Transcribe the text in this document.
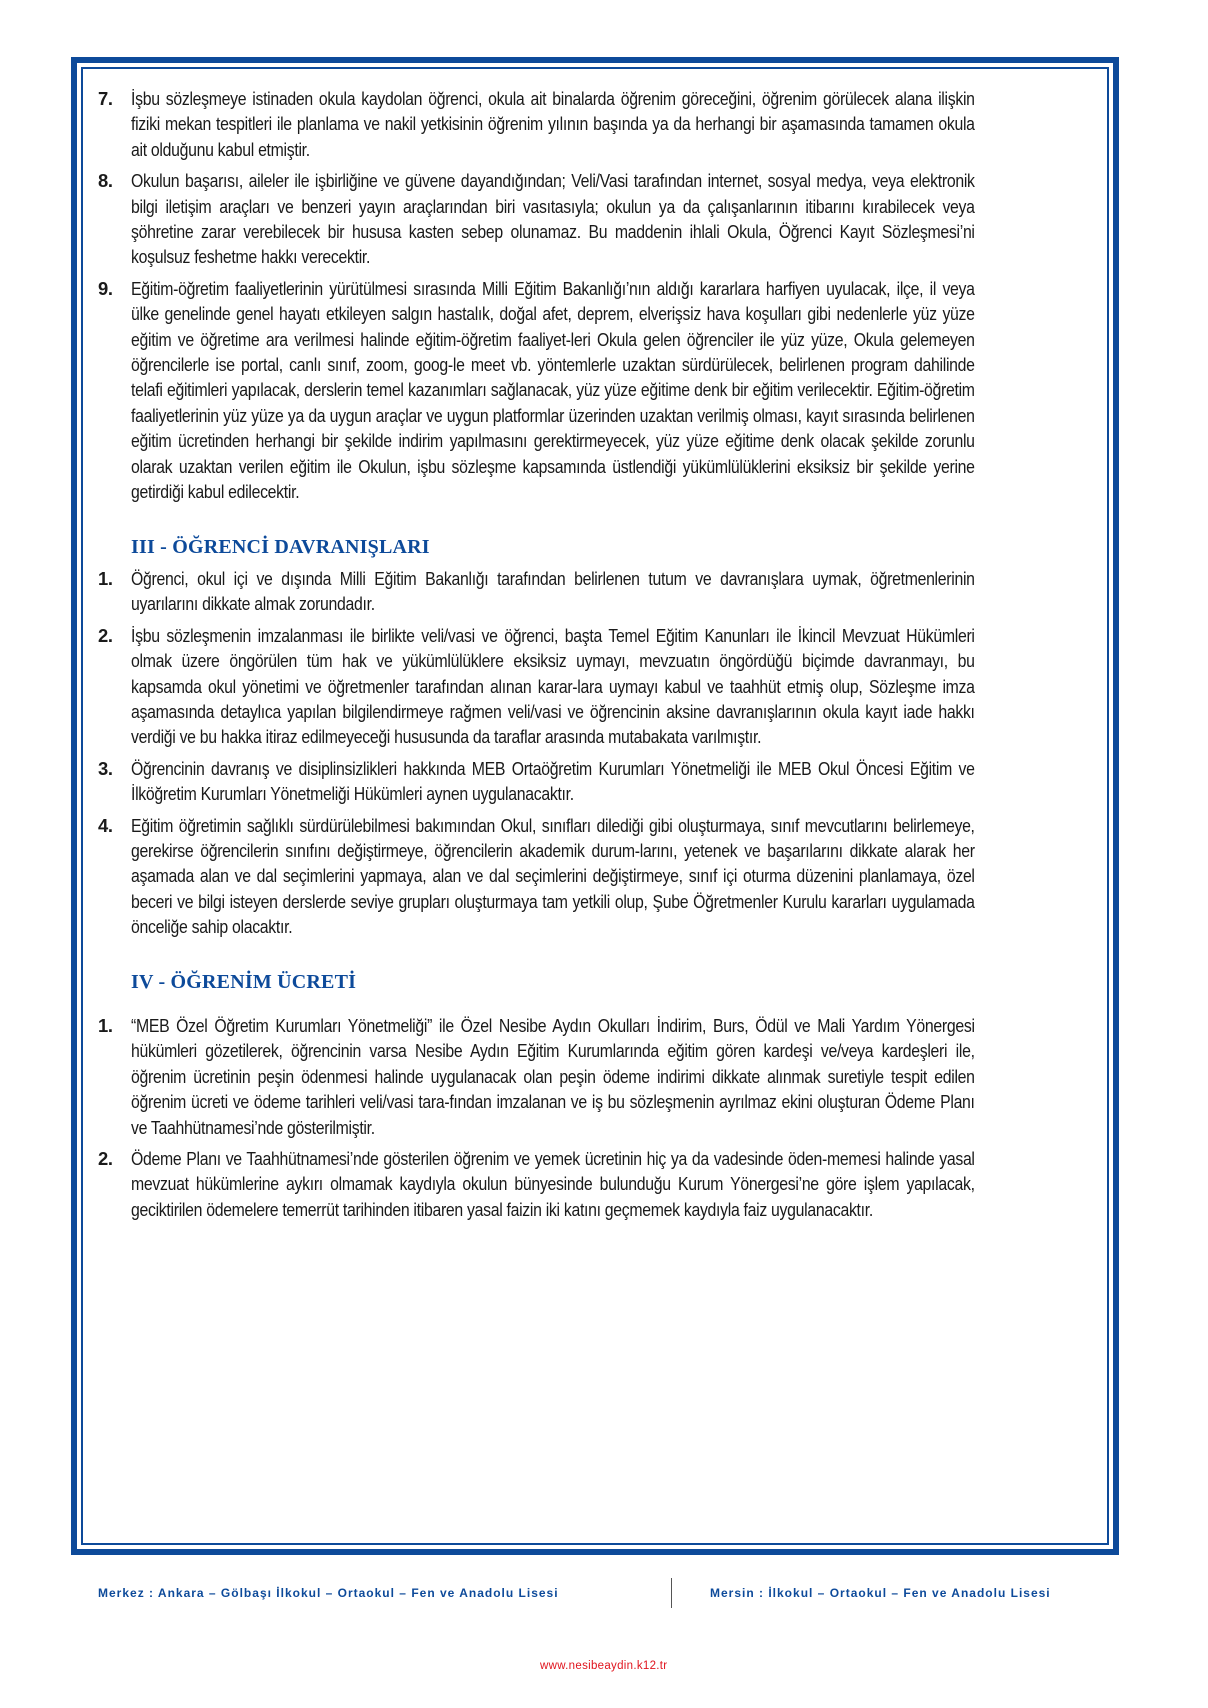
7. İşbu sözleşmeye istinaden okula kaydolan öğrenci, okula ait binalarda öğrenim göreceğini, öğrenim görülecek alana ilişkin fiziki mekan tespitleri ile planlama ve nakil yetkisinin öğrenim yılının başında ya da herhangi bir aşamasında tamamen okula ait olduğunu kabul etmiştir.
8. Okulun başarısı, aileler ile işbirliğine ve güvene dayandığından; Veli/Vasi tarafından internet, sosyal medya, veya elektronik bilgi iletişim araçları ve benzeri yayın araçlarından biri vasıtasıyla; okulun ya da çalışanlarının itibarını kırabilecek veya şöhretine zarar verebilecek bir hususa kasten sebep olunamaz. Bu maddenin ihlali Okula, Öğrenci Kayıt Sözleşmesi’ni koşulsuz feshetme hakkı verecektir.
9. Eğitim-öğretim faaliyetlerinin yürütülmesi sırasında Milli Eğitim Bakanlığı’nın aldığı kararlara harfiyen uyulacak, ilçe, il veya ülke genelinde genel hayatı etkileyen salgın hastalık, doğal afet, deprem, elverişsiz hava koşulları gibi nedenlerle yüz yüze eğitim ve öğretime ara verilmesi halinde eğitim-öğretim faaliyet-leri Okula gelen öğrenciler ile yüz yüze, Okula gelemeyen öğrencilerle ise portal, canlı sınıf, zoom, goog-le meet vb. yöntemlerle uzaktan sürdürülecek, belirlenen program dahilinde telafi eğitimleri yapılacak, derslerin temel kazanımları sağlanacak, yüz yüze eğitime denk bir eğitim verilecektir. Eğitim-öğretim faaliyetlerinin yüz yüze ya da uygun araçlar ve uygun platformlar üzerinden uzaktan verilmiş olması, kayıt sırasında belirlenen eğitim ücretinden herhangi bir şekilde indirim yapılmasını gerektirmeyecek, yüz yüze eğitime denk olacak şekilde zorunlu olarak uzaktan verilen eğitim ile Okulun, işbu sözleşme kapsamında üstlendiği yükümlülüklerini eksiksiz bir şekilde yerine getirdiği kabul edilecektir.
III - ÖĞRENCİ DAVRANIŞLARI
1. Öğrenci, okul içi ve dışında Milli Eğitim Bakanlığı tarafından belirlenen tutum ve davranışlara uymak, öğretmenlerinin uyarılarını dikkate almak zorundadır.
2. İşbu sözleşmenin imzalanması ile birlikte veli/vasi ve öğrenci, başta Temel Eğitim Kanunları ile İkincil Mevzuat Hükümleri olmak üzere öngörülen tüm hak ve yükümlülüklere eksiksiz uymayı, mevzuatın öngördüğü biçimde davranmayı, bu kapsamda okul yönetimi ve öğretmenler tarafından alınan karar-lara uymayı kabul ve taahhüt etmiş olup, Sözleşme imza aşamasında detaylıca yapılan bilgilendirmeye rağmen veli/vasi ve öğrencinin aksine davranışlarının okula kayıt iade hakkı verdiği ve bu hakka itiraz edilmeyeceği hususunda da taraflar arasında mutabakata varılmıştır.
3. Öğrencinin davranış ve disiplinsizlikleri hakkında MEB Ortaöğretim Kurumları Yönetmeliği ile MEB Okul Öncesi Eğitim ve İlköğretim Kurumları Yönetmeliği Hükümleri aynen uygulanacaktır.
4. Eğitim öğretimin sağlıklı sürdürülebilmesi bakımından Okul, sınıfları dilediği gibi oluşturmaya, sınıf mevcutlarını belirlemeye, gerekirse öğrencilerin sınıfını değiştirmeye, öğrencilerin akademik durum-larını, yetenek ve başarılarını dikkate alarak her aşamada alan ve dal seçimlerini yapmaya, alan ve dal seçimlerini değiştirmeye, sınıf içi oturma düzenini planlamaya, özel beceri ve bilgi isteyen derslerde seviye grupları oluşturmaya tam yetkili olup, Şube Öğretmenler Kurulu kararları uygulamada önceliğe sahip olacaktır.
IV - ÖĞRENİM ÜCRETİ
1. “MEB Özel Öğretim Kurumları Yönetmeliği” ile Özel Nesibe Aydın Okulları İndirim, Burs, Ödül ve Mali Yardım Yönergesi hükümleri gözetilerek, öğrencinin varsa Nesibe Aydın Eğitim Kurumlarında eğitim gören kardeşi ve/veya kardeşleri ile, öğrenim ücretinin peşin ödenmesi halinde uygulanacak olan peşin ödeme indirimi dikkate alınmak suretiyle tespit edilen öğrenim ücreti ve ödeme tarihleri veli/vasi tara-fından imzalanan ve iş bu sözleşmenin ayrılmaz ekini oluşturan Ödeme Planı ve Taahhütnamesi’nde gösterilmiştir.
2. Ödeme Planı ve Taahhütnamesi’nde gösterilen öğrenim ve yemek ücretinin hiç ya da vadesinde öden-memesi halinde yasal mevzuat hükümlerine aykırı olmamak kaydıyla okulun bünyesinde bulunduğu Kurum Yönergesi’ne göre işlem yapılacak, geciktirilen ödemelere temerrüt tarihinden itibaren yasal faizin iki katını geçmemek kaydıyla faiz uygulanacaktır.
Merkez : Ankara – Gölbaşı İlkokul – Ortaokul – Fen ve Anadolu Lisesi	Mersin : İlkokul – Ortaokul – Fen ve Anadolu Lisesi
www.nesibeaydin.k12.tr
